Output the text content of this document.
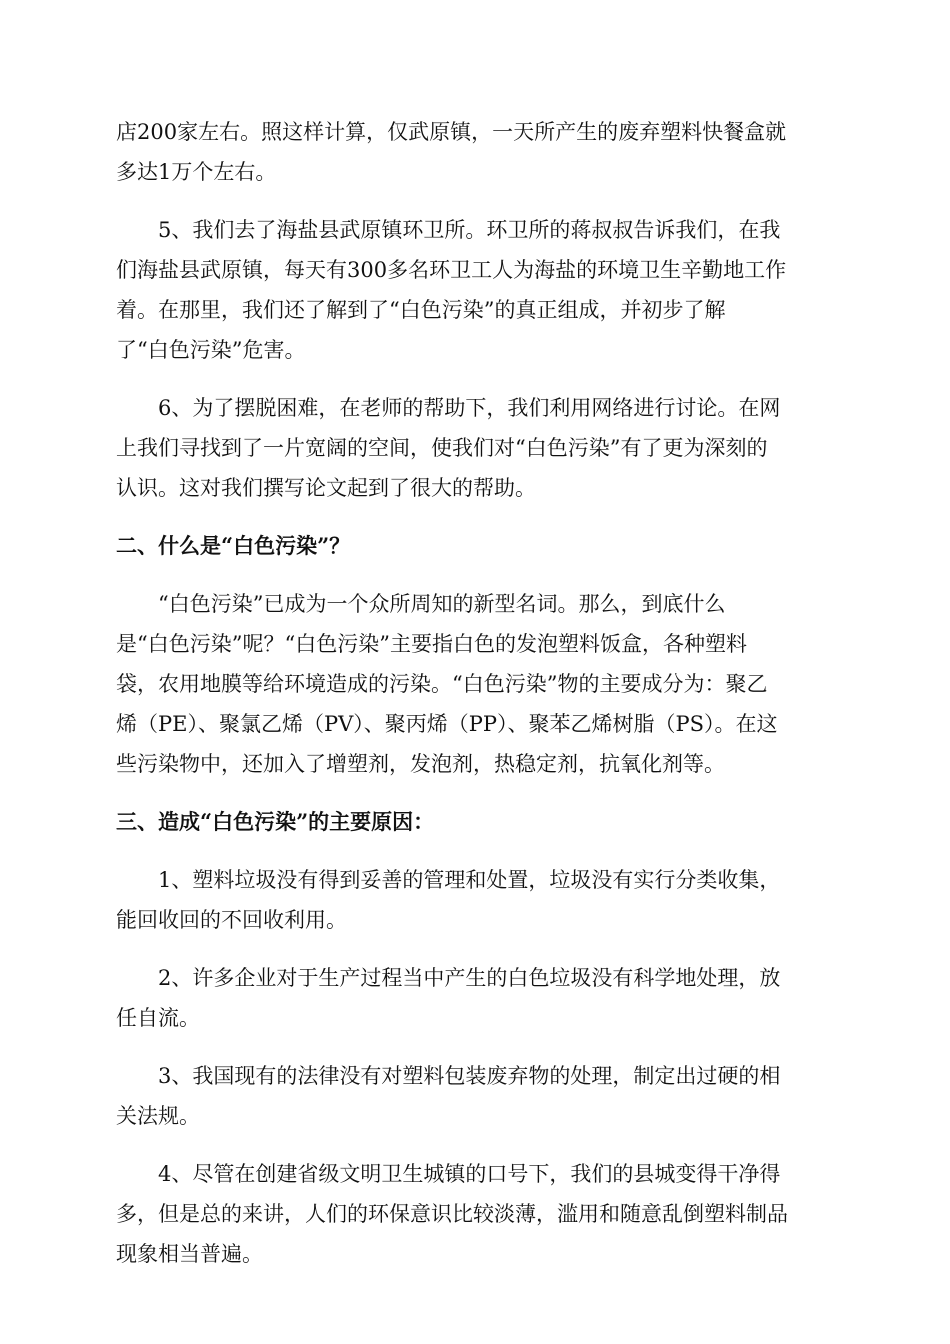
店200家左右。照这样计算，仅武原镇，一天所产生的废弃塑料快餐盒就
多达1万个左右。
5、我们去了海盐县武原镇环卫所。环卫所的蒋叔叔告诉我们，在我
们海盐县武原镇，每天有300多名环卫工人为海盐的环境卫生辛勤地工作
着。在那里，我们还了解到了“白色污染”的真正组成，并初步了解
了“白色污染”危害。
6、为了摆脱困难，在老师的帮助下，我们利用网络进行讨论。在网
上我们寻找到了一片宽阔的空间，使我们对“白色污染”有了更为深刻的
认识。这对我们撰写论文起到了很大的帮助。
二、什么是“白色污染”？
“白色污染”已成为一个众所周知的新型名词。那么，到底什么
是“白色污染”呢？“白色污染”主要指白色的发泡塑料饭盒，各种塑料
袋，农用地膜等给环境造成的污染。“白色污染”物的主要成分为：聚乙
烯（PE）、聚氯乙烯（PV）、聚丙烯（PP）、聚苯乙烯树脂（PS）。在这
些污染物中，还加入了增塑剂，发泡剂，热稳定剂，抗氧化剂等。
三、造成“白色污染”的主要原因：
1、塑料垃圾没有得到妥善的管理和处置，垃圾没有实行分类收集，
能回收回的不回收利用。
2、许多企业对于生产过程当中产生的白色垃圾没有科学地处理，放
任自流。
3、我国现有的法律没有对塑料包装废弃物的处理，制定出过硬的相
关法规。
4、尽管在创建省级文明卫生城镇的口号下，我们的县城变得干净得
多，但是总的来讲，人们的环保意识比较淡薄，滥用和随意乱倒塑料制品
现象相当普遍。
